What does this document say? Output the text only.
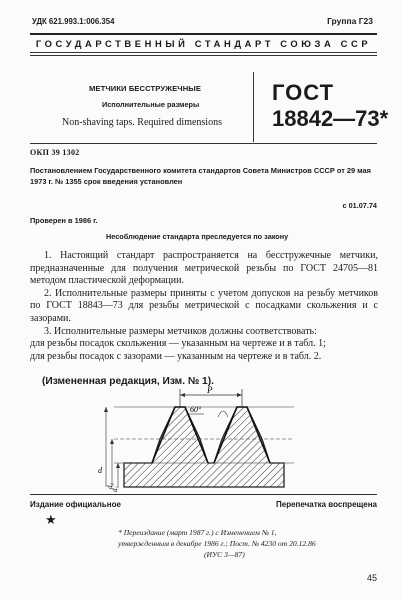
УДК 621.993.1:006.354	Группа Г23
ГОСУДАРСТВЕННЫЙ СТАНДАРТ СОЮЗА ССР
МЕТЧИКИ БЕССТРУЖЕЧНЫЕ
Исполнительные размеры
Non-shaving taps. Required dimensions
ГОСТ
18842—73*
ОКП 39 1302
Постановлением Государственного комитета стандартов Совета Министров СССР от 29 мая 1973 г. № 1355 срок введения установлен
с 01.07.74
Проверен в 1986 г.
Несоблюдение стандарта преследуется по закону

1. Настоящий стандарт распространяется на бесстружечные метчики, предназначенные для получения метрической резьбы по ГОСТ 24705—81 методом пластической деформации.

2. Исполнительные размеры приняты с учетом допусков на резьбу метчиков по ГОСТ 18843—73 для резьбы метрической с посадками скольжения и с зазорами.

3. Исполнительные размеры метчиков должны соответствовать:

для резьбы посадок скольжения — указанным на чертеже и в табл. 1;

для резьбы посадок с зазорами — указанным на чертеже и в табл. 2.

(Измененная редакция, Изм. № 1).
P
60°
d
d₂
d₁
Издание официальное	Перепечатка воспрещена
★
* Переиздание (март 1987 г.) с Изменением № 1,
утвержденным в декабре 1986 г.; Пост. № 4230 от 20.12.86
(ИУС 3—87)
45
